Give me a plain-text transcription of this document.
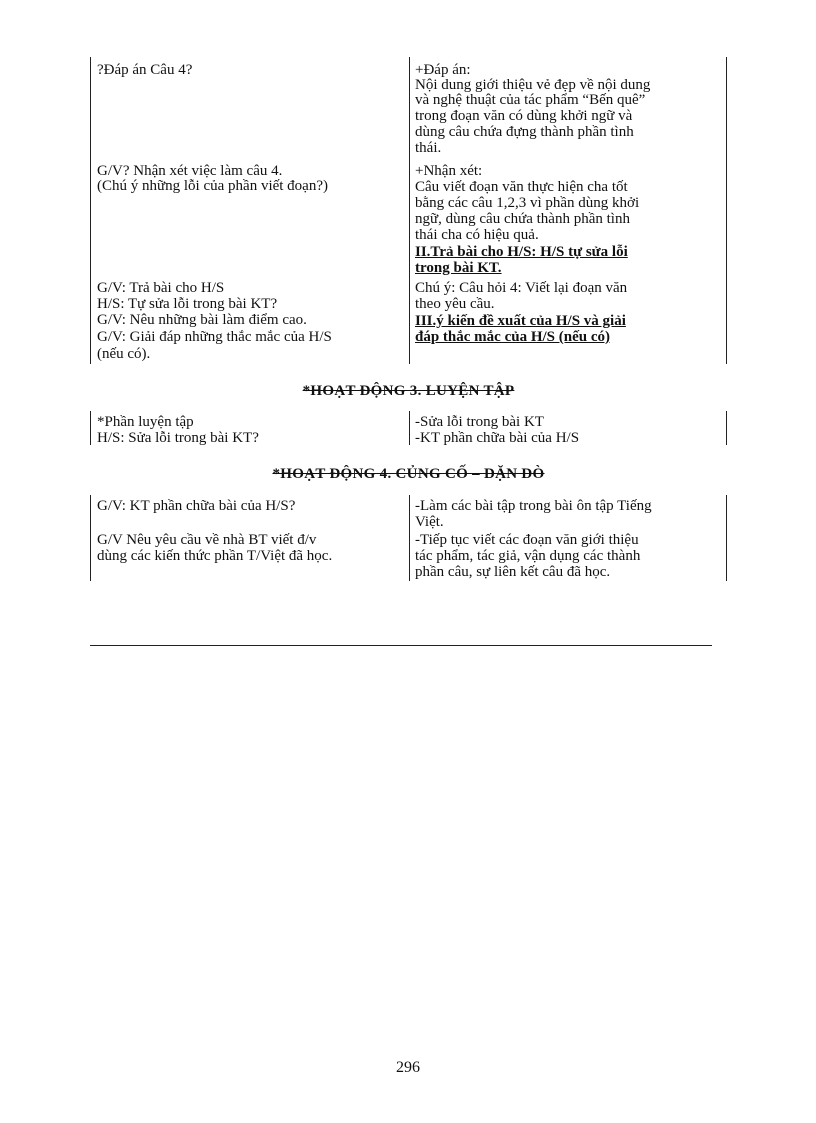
?Đáp án Câu 4?
G/V? Nhận xét việc làm câu 4.
(Chú ý những lỗi của phần viết đoạn?)
G/V: Trả bài cho H/S
H/S: Tự sửa lỗi trong bài KT?
G/V: Nêu những bài làm điểm cao.
G/V: Giải đáp những thắc mắc của H/S
(nếu có).
+Đáp án:
Nội dung giới thiệu vẻ đẹp về nội dung
và nghệ thuật của tác phẩm “Bến quê”
trong đoạn văn có dùng khởi ngữ và
dùng câu chứa đựng thành phần tình
thái.
+Nhận xét:
Câu viết đoạn văn thực hiện cha tốt
bằng các câu 1,2,3 vì phần dùng khởi
ngữ, dùng câu chứa thành phần tình
thái cha có hiệu quả.
II.Trả bài cho H/S: H/S tự sửa lỗi
trong bài KT.
Chú ý: Câu hỏi 4: Viết lại đoạn văn
theo yêu cầu.
III.ý kiến đề xuất của H/S và giải
đáp thắc mắc của H/S (nếu có)
*HOẠT ĐỘNG 3. LUYỆN TẬP
*Phần luyện tập
H/S: Sửa lỗi trong bài KT?
-Sửa lỗi trong bài KT
-KT phần chữa bài của H/S
*HOẠT ĐỘNG 4. CỦNG CỐ – DẶN DÒ
G/V: KT phần chữa bài của H/S?
G/V Nêu yêu cầu về nhà BT viết đ/v
dùng các kiến thức phần T/Việt đã học.
-Làm các bài tập trong bài ôn tập Tiếng
Việt.
-Tiếp tục viết các đoạn văn giới thiệu
tác phẩm, tác giả, vận dụng các thành
phần câu, sự liên kết câu đã học.
296
